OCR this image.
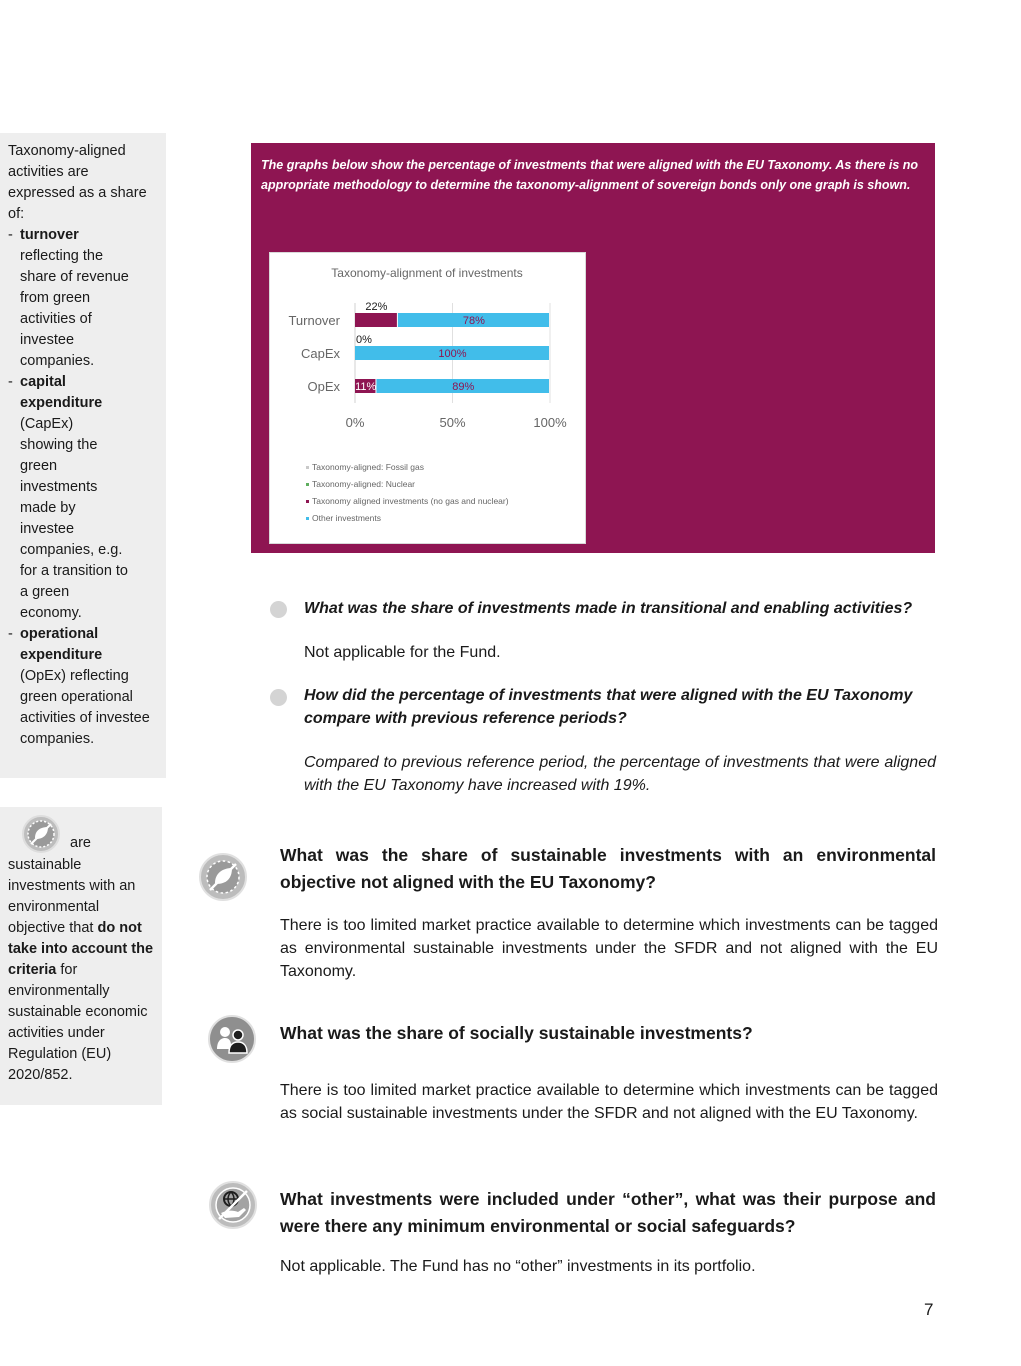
Taxonomy-aligned activities are expressed as a share of:
- turnover reflecting the share of revenue from green activities of investee companies.
- capital expenditure (CapEx) showing the green investments made by investee companies, e.g. for a transition to a green economy.
- operational expenditure (OpEx) reflecting green operational activities of investee companies.
are sustainable investments with an environmental objective that do not take into account the criteria for environmentally sustainable economic activities under Regulation (EU) 2020/852.
The graphs below show the percentage of investments that were aligned with the EU Taxonomy. As there is no appropriate methodology to determine the taxonomy-alignment of sovereign bonds only one graph is shown.
Taxonomy-alignment of investments
0%	50%	100%
Turnover
22%
78%
CapEx
0%
100%
OpEx 11%	89%
Taxonomy-aligned: Fossil gas
Taxonomy-aligned: Nuclear
Taxonomy aligned investments (no gas and nuclear)
Other investments
What was the share of investments made in transitional and enabling activities?
Not applicable for the Fund.
How did the percentage of investments that were aligned with the EU Taxonomy compare with previous reference periods?
Compared to previous reference period, the percentage of investments that were aligned with the EU Taxonomy have increased with 19%.
What was the share of sustainable investments with an environmental objective not aligned with the EU Taxonomy?
There is too limited market practice available to determine which investments can be tagged as environmental sustainable investments under the SFDR and not aligned with the EU Taxonomy.
What was the share of socially sustainable investments?
There is too limited market practice available to determine which investments can be tagged as social sustainable investments under the SFDR and not aligned with the EU Taxonomy.
What investments were included under “other”, what was their purpose and were there any minimum environmental or social safeguards?
Not applicable. The Fund has no “other” investments in its portfolio.
7
